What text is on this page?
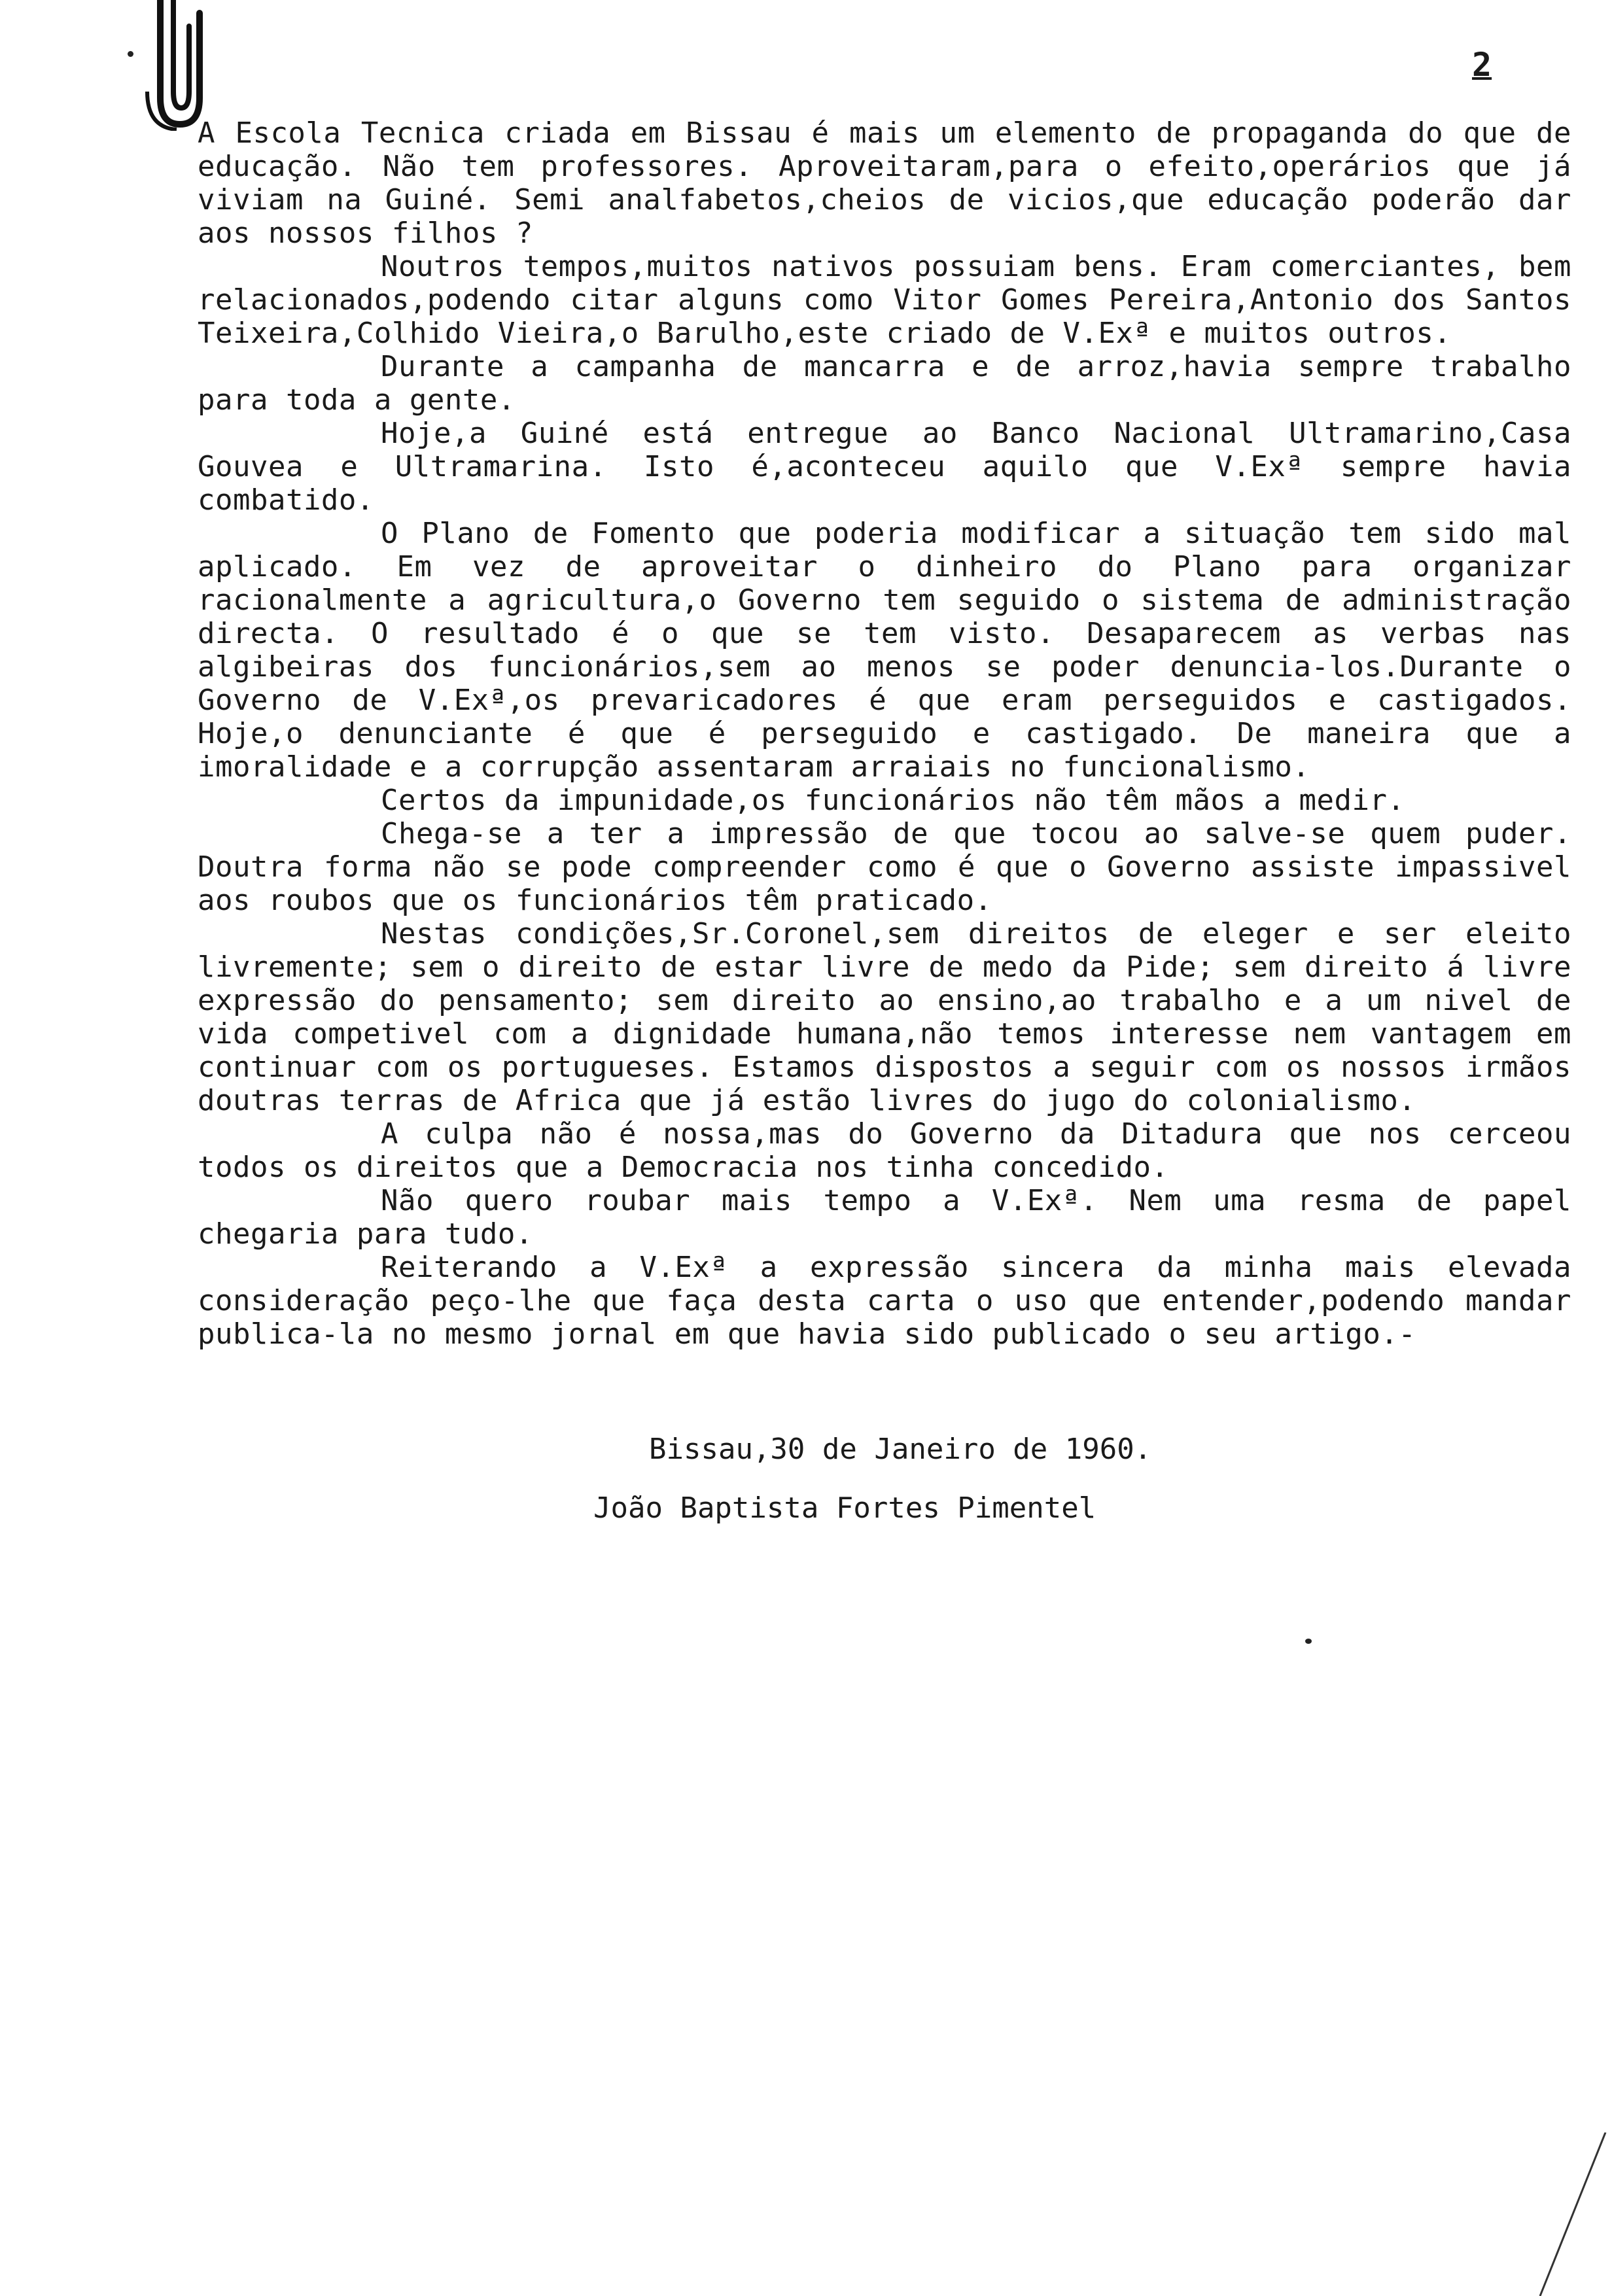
2

A Escola Tecnica criada em Bissau é mais um elemento de propaganda do que de educação. Não tem professores. Aproveitaram,para o efeito,operários que já viviam na Guiné. Semi analfabetos,cheios de vicios,que educação poderão dar aos nossos filhos ?

Noutros tempos,muitos nativos possuiam bens. Eram comerciantes, bem relacionados,podendo citar alguns como Vitor Gomes Pereira,Antonio dos Santos Teixeira,Colhido Vieira,o Barulho,este criado de V.Exª e muitos outros.

Durante a campanha de mancarra e de arroz,havia sempre trabalho para toda a gente.

Hoje,a Guiné está entregue ao Banco Nacional Ultramarino,Casa Gouvea e Ultramarina. Isto é,aconteceu aquilo que V.Exª sempre havia combatido.

O Plano de Fomento que poderia modificar a situação tem sido mal aplicado. Em vez de aproveitar o dinheiro do Plano para organizar racionalmente a agricultura,o Governo tem seguido o sistema de administração directa. O resultado é o que se tem visto. Desaparecem as verbas nas algibeiras dos funcionários,sem ao menos se poder denuncia-los.Durante o Governo de V.Exª,os prevaricadores é que eram perseguidos e castigados. Hoje,o denunciante é que é perseguido e castigado. De maneira que a imoralidade e a corrupção assentaram arraiais no funcionalismo.

Certos da impunidade,os funcionários não têm mãos a medir.

Chega-se a ter a impressão de que tocou ao salve-se quem puder. Doutra forma não se pode compreender como é que o Governo assiste impassivel aos roubos que os funcionários têm praticado.

Nestas condições,Sr.Coronel,sem direitos de eleger e ser eleito livremente; sem o direito de estar livre de medo da Pide; sem direito á livre expressão do pensamento; sem direito ao ensino,ao trabalho e a um nivel de vida competivel com a dignidade humana,não temos interesse nem vantagem em continuar com os portugueses. Estamos dispostos a seguir com os nossos irmãos doutras terras de Africa que já estão livres do jugo do colonialismo.

A culpa não é nossa,mas do Governo da Ditadura que nos cerceou todos os direitos que a Democracia nos tinha concedido.

Não quero roubar mais tempo a V.Exª. Nem uma resma de papel chegaria para tudo.

Reiterando a V.Exª a expressão sincera da minha mais elevada consideração peço-lhe que faça desta carta o uso que entender,podendo mandar publica-la no mesmo jornal em que havia sido publicado o seu artigo.-

Bissau,30 de Janeiro de 1960.
João Baptista Fortes Pimentel
